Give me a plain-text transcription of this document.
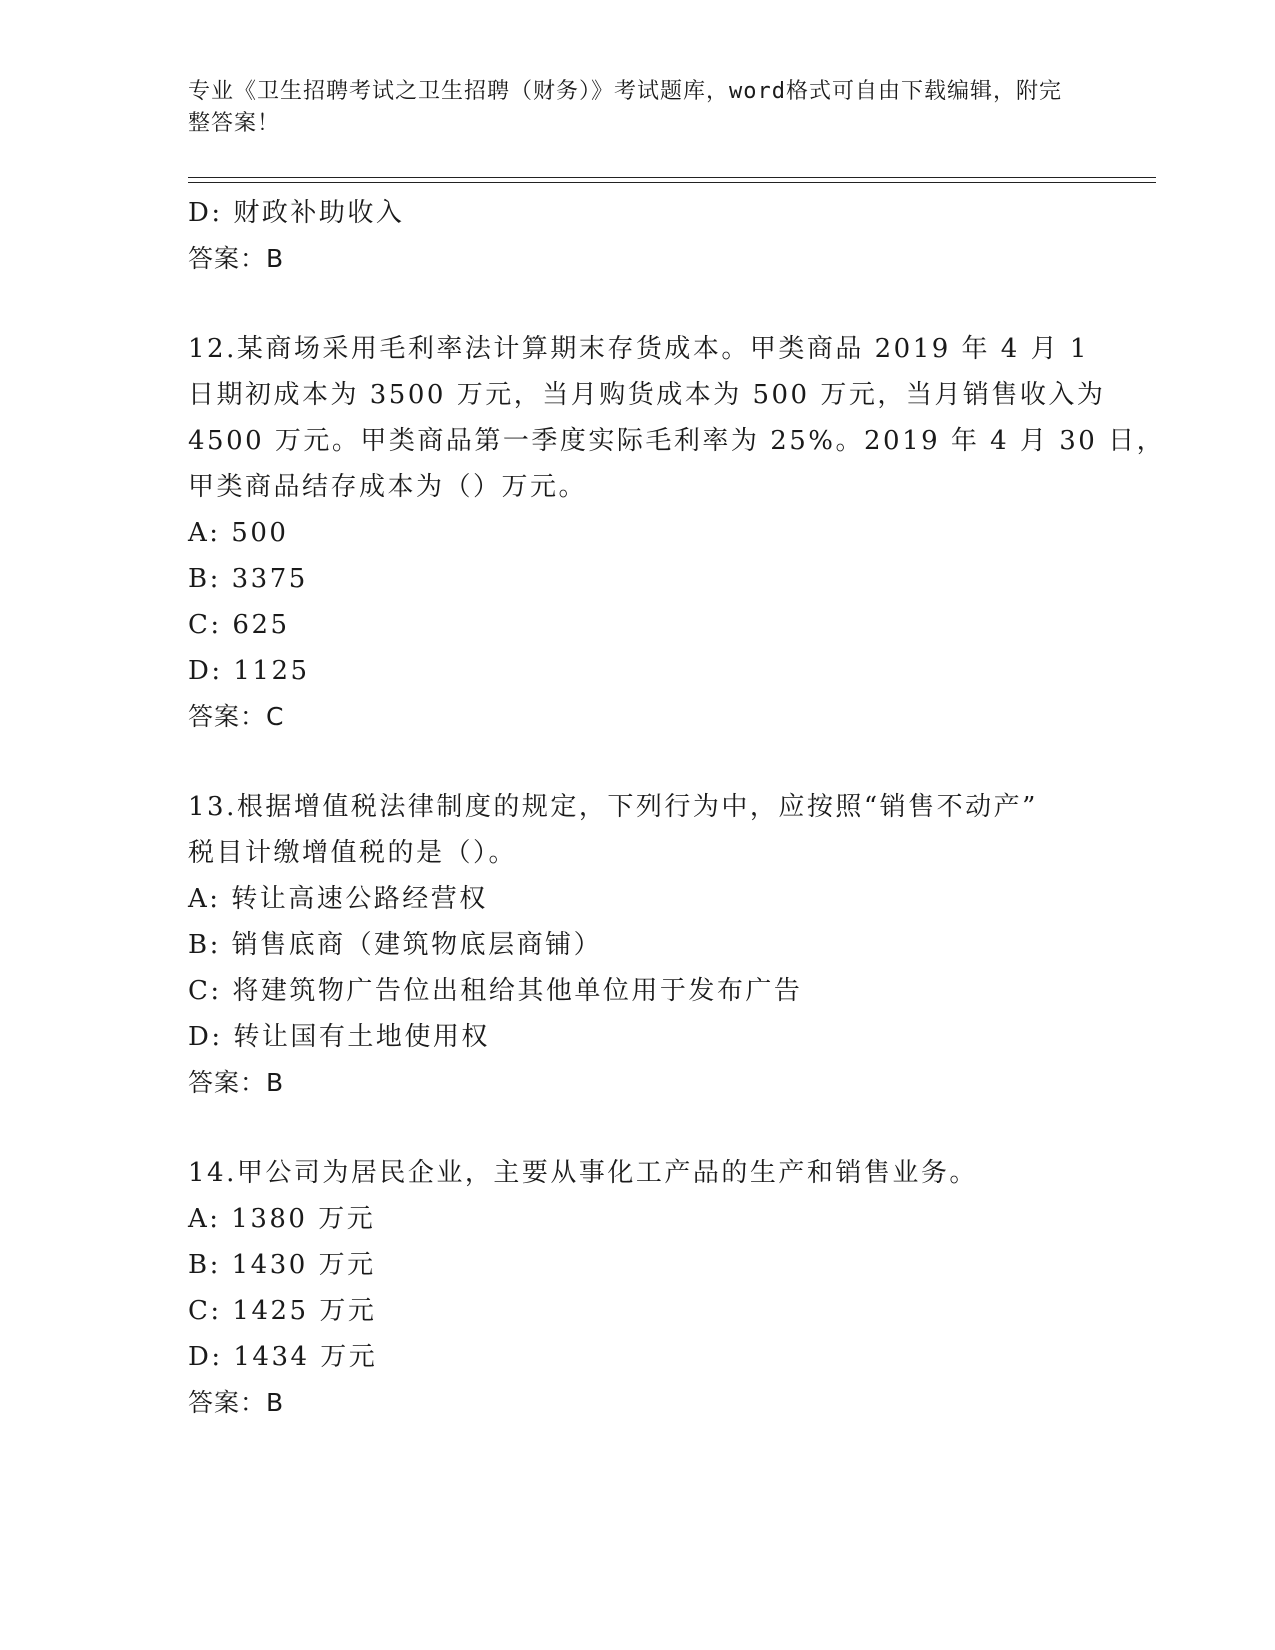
专业《卫生招聘考试之卫生招聘（财务）》考试题库，word格式可自由下载编辑，附完整答案！
D: 财政补助收入
答案：B
12.某商场采用毛利率法计算期末存货成本。甲类商品 2019 年 4 月 1
日期初成本为 3500 万元，当月购货成本为 500 万元，当月销售收入为
4500 万元。甲类商品第一季度实际毛利率为 25%。2019 年 4 月 30 日，
甲类商品结存成本为（）万元。
A: 500
B: 3375
C: 625
D: 1125
答案：C
13.根据增值税法律制度的规定，下列行为中，应按照“销售不动产”
税目计缴增值税的是（）。
A: 转让高速公路经营权
B: 销售底商（建筑物底层商铺）
C: 将建筑物广告位出租给其他单位用于发布广告
D: 转让国有土地使用权
答案：B
14.甲公司为居民企业，主要从事化工产品的生产和销售业务。
A: 1380 万元
B: 1430 万元
C: 1425 万元
D: 1434 万元
答案：B
